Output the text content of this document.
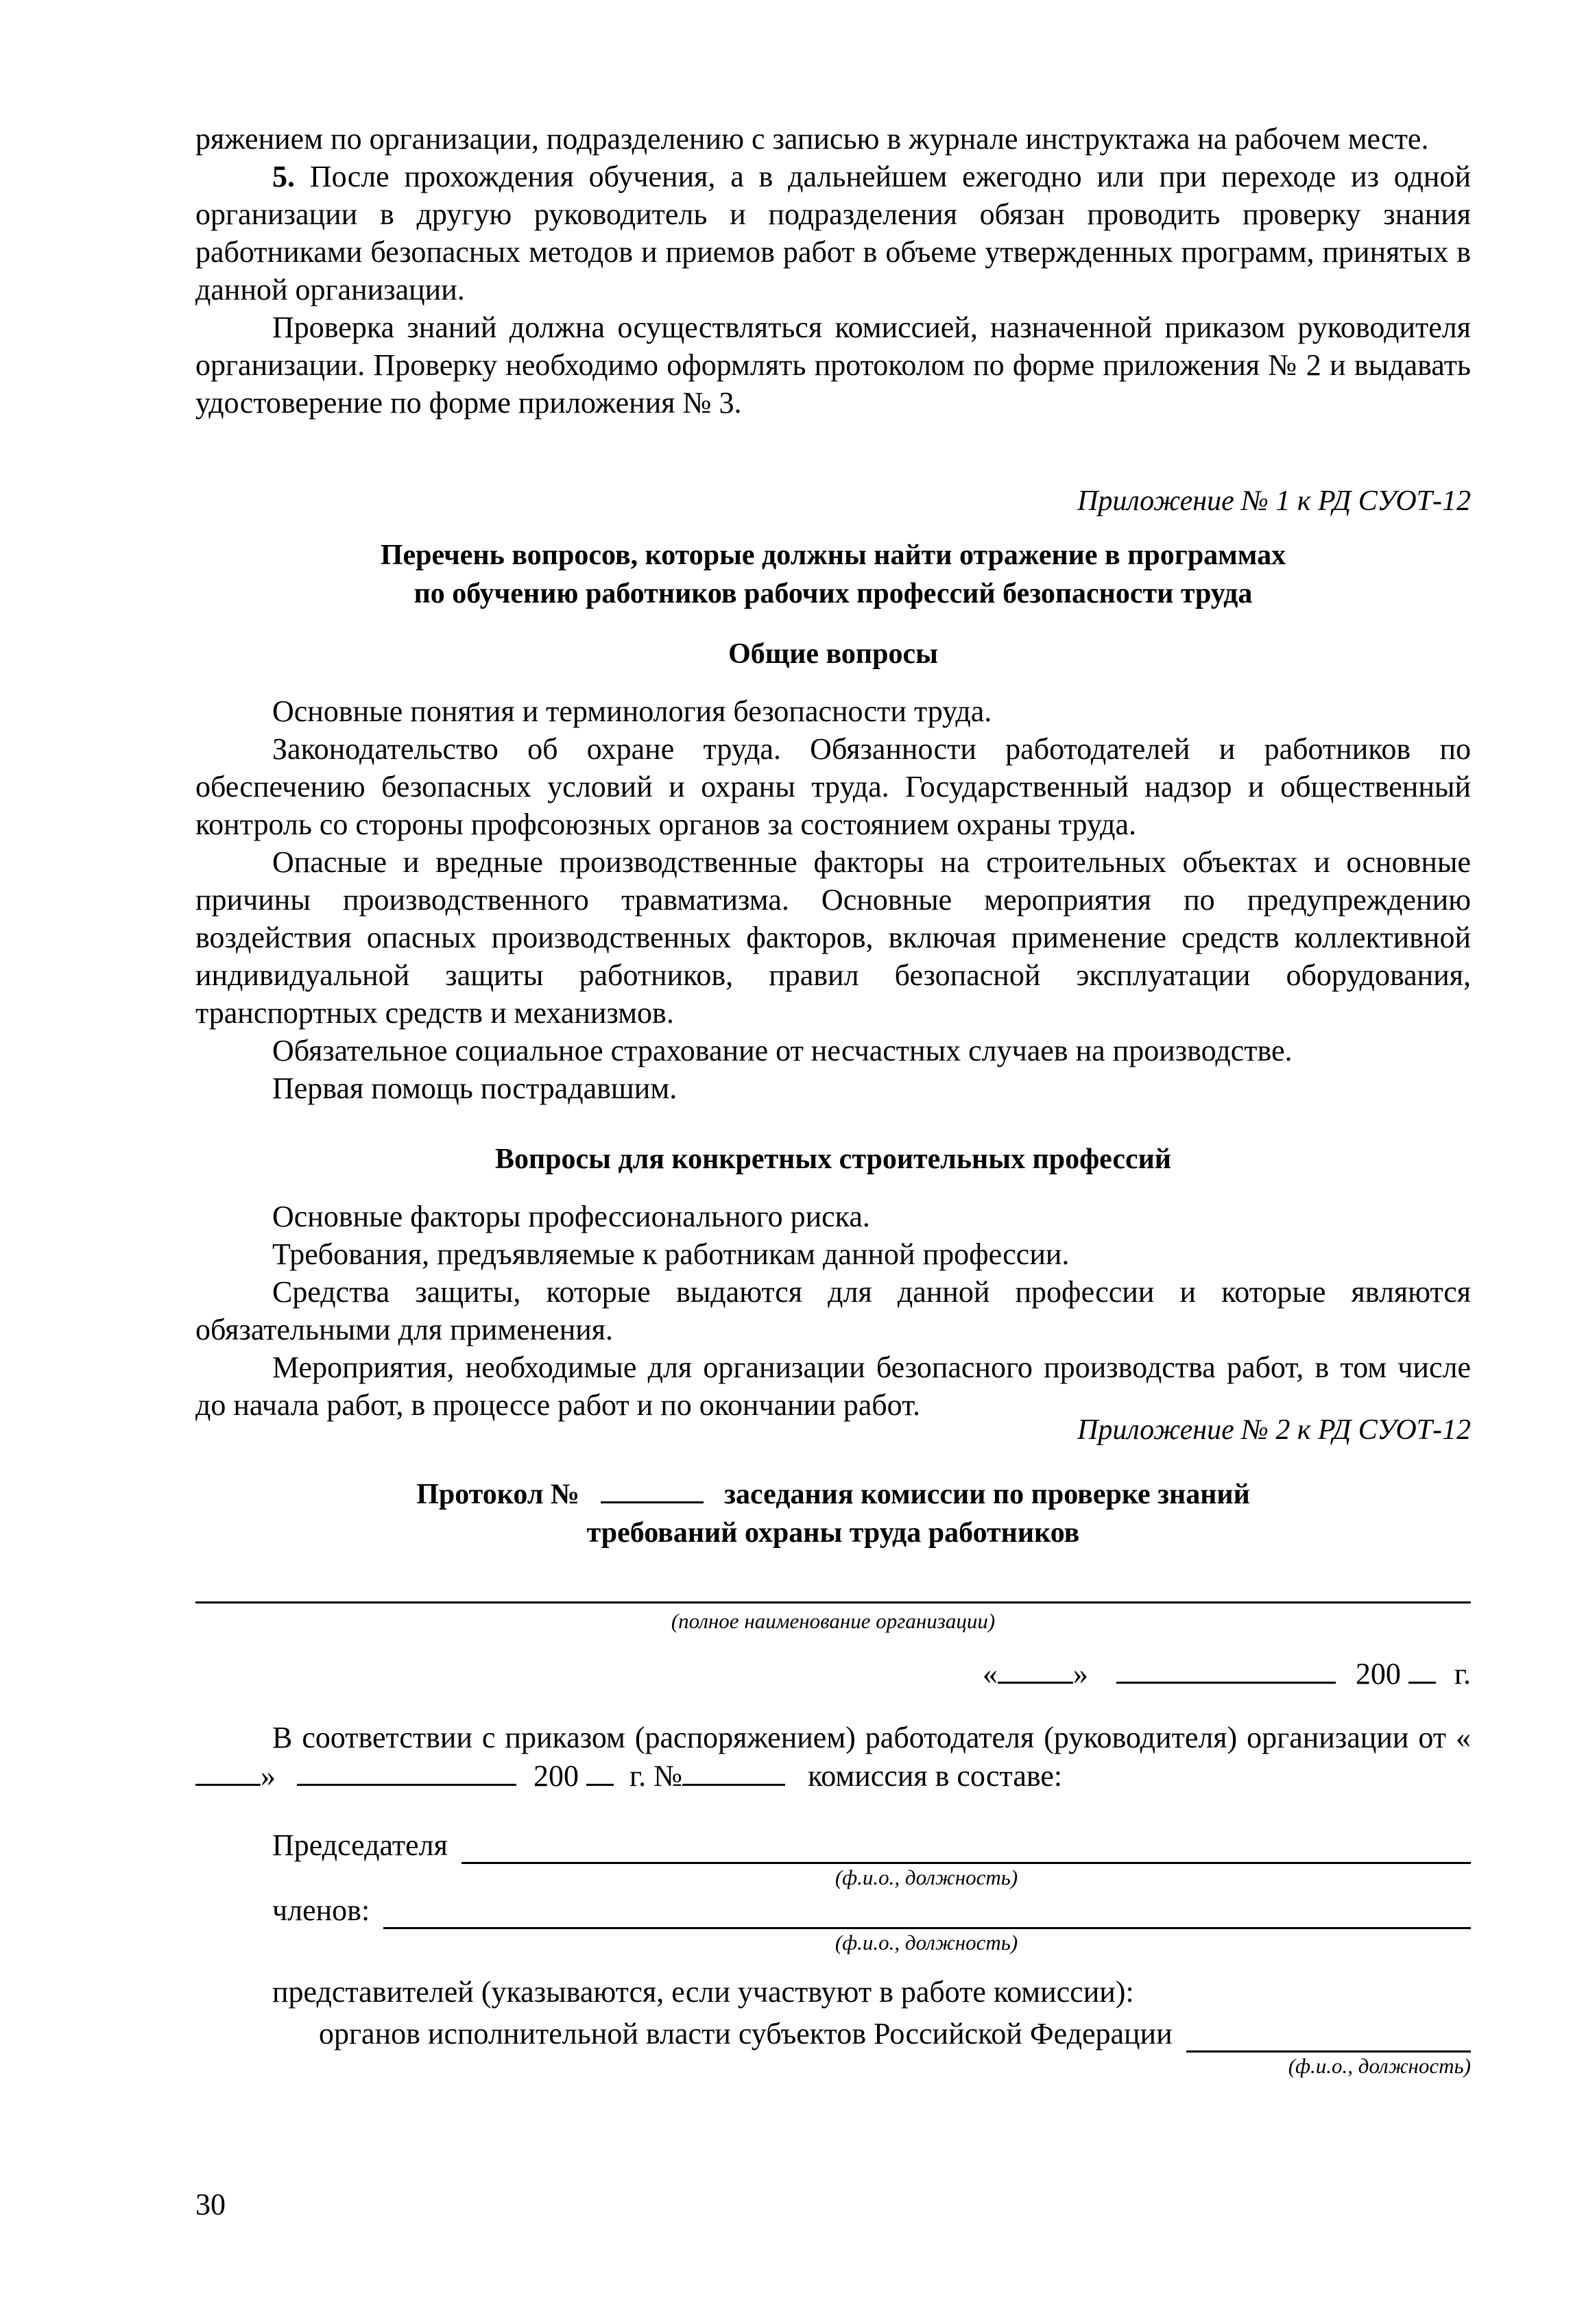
ряжением по организации, подразделению с записью в журнале инструктажа на рабочем месте.

5. После прохождения обучения, а в дальнейшем ежегодно или при переходе из одной организации в другую руководитель и подразделения обязан проводить проверку знания работниками безопасных методов и приемов работ в объеме утвержденных программ, принятых в данной организации.

Проверка знаний должна осуществляться комиссией, назначенной приказом руководителя организации. Проверку необходимо оформлять протоколом по форме приложения № 2 и выдавать удостоверение по форме приложения № 3.

Приложение № 1 к РД СУОТ-12

Перечень вопросов, которые должны найти отражение в программах
по обучению работников рабочих профессий безопасности труда
Общие вопросы

Основные понятия и терминология безопасности труда.

Законодательство об охране труда. Обязанности работодателей и работников по обеспечению безопасных условий и охраны труда. Государственный надзор и общественный контроль со стороны профсоюзных органов за состоянием охраны труда.

Опасные и вредные производственные факторы на строительных объектах и основные причины производственного травматизма. Основные мероприятия по предупреждению воздействия опасных производственных факторов, включая применение средств коллективной индивидуальной защиты работников, правил безопасной эксплуатации оборудования, транспортных средств и механизмов.

Обязательное социальное страхование от несчастных случаев на производстве.

Первая помощь пострадавшим.

Вопросы для конкретных строительных профессий

Основные факторы профессионального риска.

Требования, предъявляемые к работникам данной профессии.

Средства защиты, которые выдаются для данной профессии и которые являются обязательными для применения.

Мероприятия, необходимые для организации безопасного производства работ, в том числе до начала работ, в процессе работ и по окончании работ.

Приложение № 2 к РД СУОТ-12

Протокол №	заседания комиссии по проверке знаний
требований охраны труда работников
(полное наименование организации)
«	»	200 г.

В соответствии с приказом (распоряжением) работодателя (руководителя) организации от «»	200 г. №	комиссия в составе:

Председателя
(ф.и.о., должность)
членов:
(ф.и.о., должность)

представителей (указываются, если участвуют в работе комиссии):

органов исполнительной власти субъектов Российской Федерации
(ф.и.о., должность)
30
